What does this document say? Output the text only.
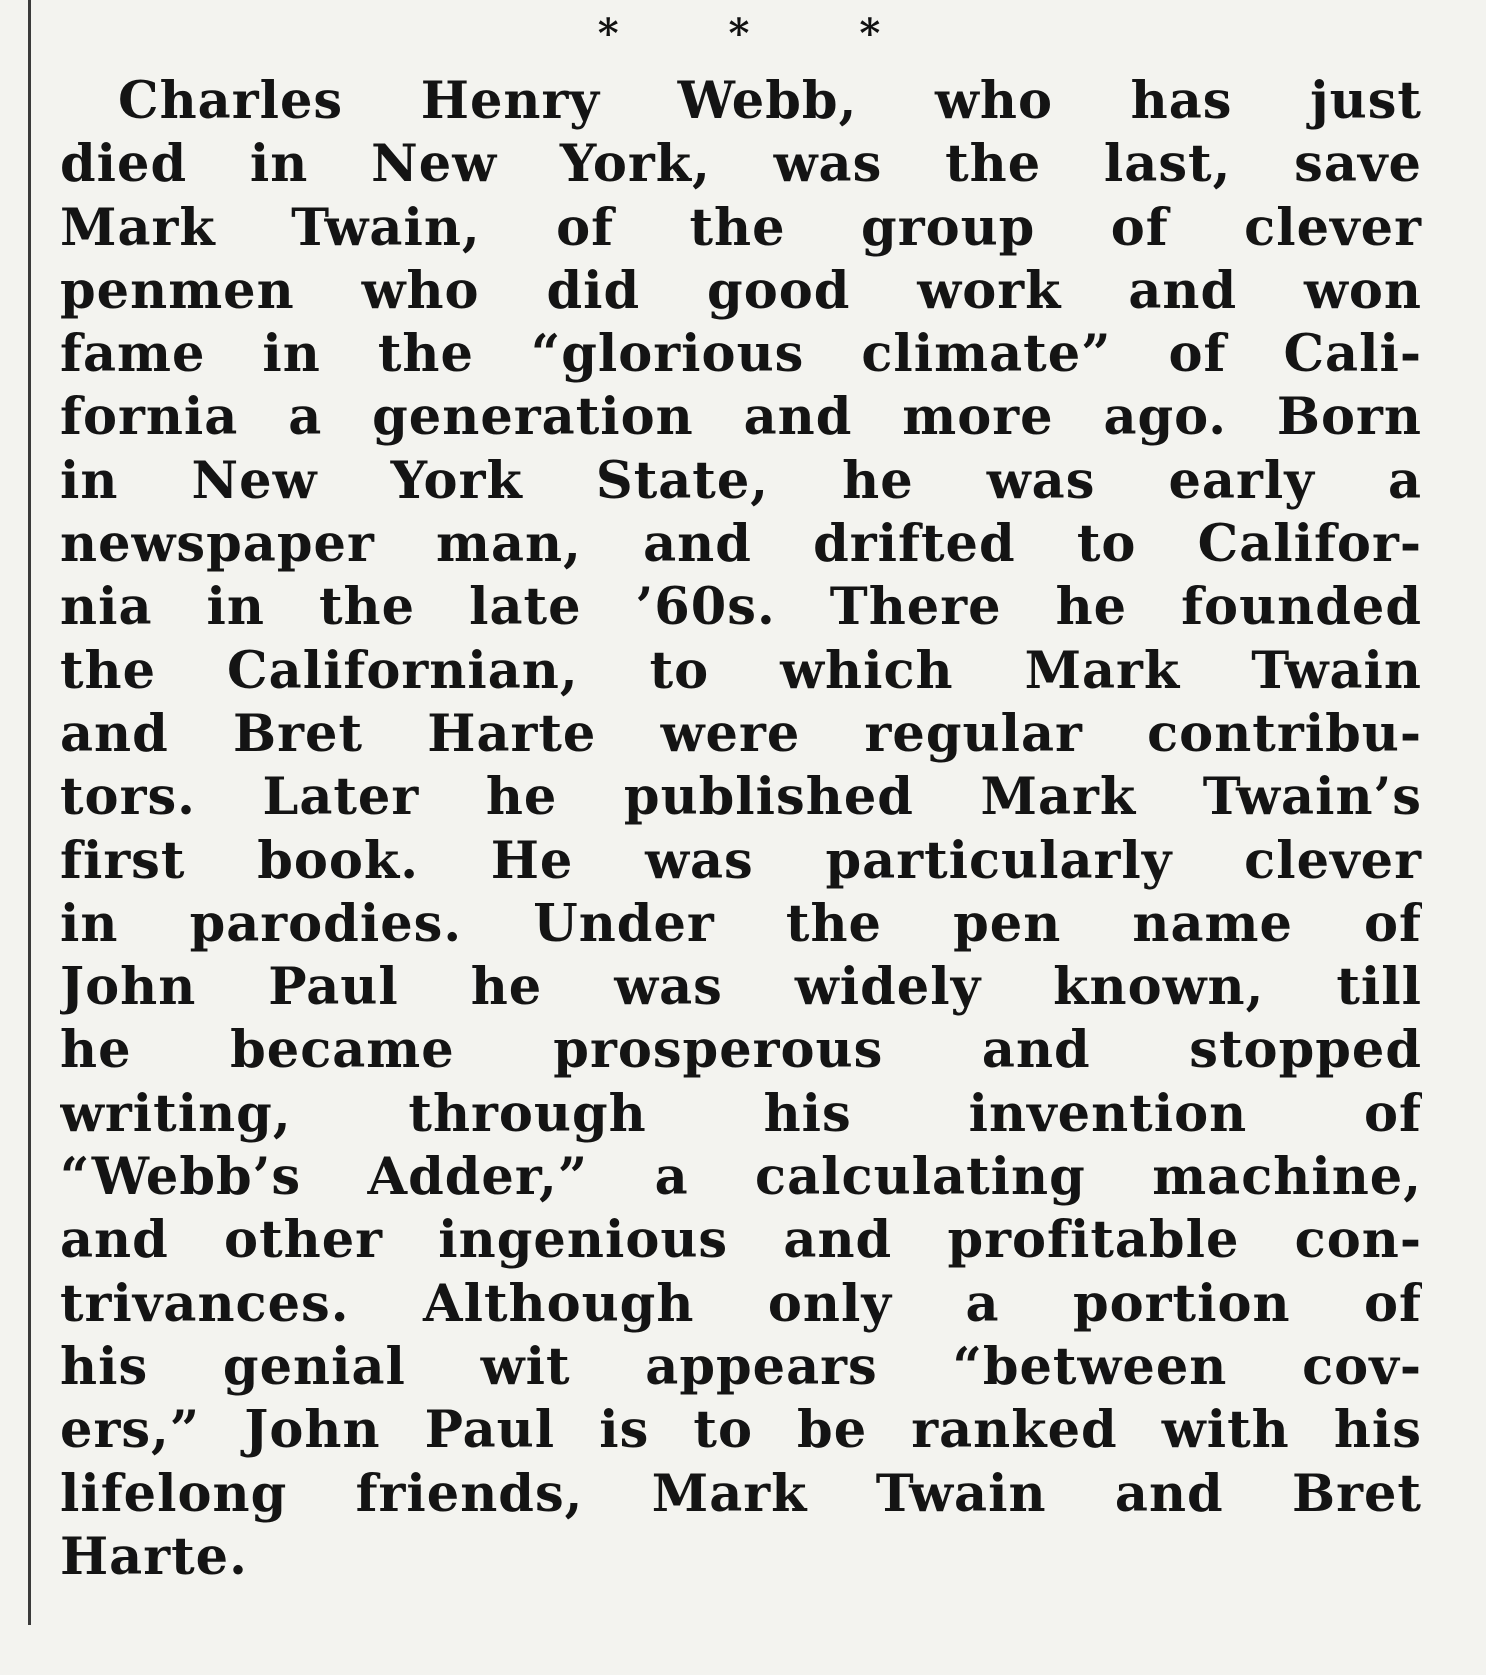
* * *
Charles Henry Webb, who has just
died in New York, was the last, save
Mark Twain, of the group of clever
penmen who did good work and won
fame in the “glorious climate” of Cali-
fornia a generation and more ago. Born
in New York State, he was early a
newspaper man, and drifted to Califor-
nia in the late ’60s. There he founded
the Californian, to which Mark Twain
and Bret Harte were regular contribu-
tors. Later he published Mark Twain’s
first book. He was particularly clever
in parodies. Under the pen name of
John Paul he was widely known, till
he became prosperous and stopped
writing, through his invention of
“Webb’s Adder,” a calculating machine,
and other ingenious and profitable con-
trivances. Although only a portion of
his genial wit appears “between cov-
ers,” John Paul is to be ranked with his
lifelong friends, Mark Twain and Bret
Harte.
